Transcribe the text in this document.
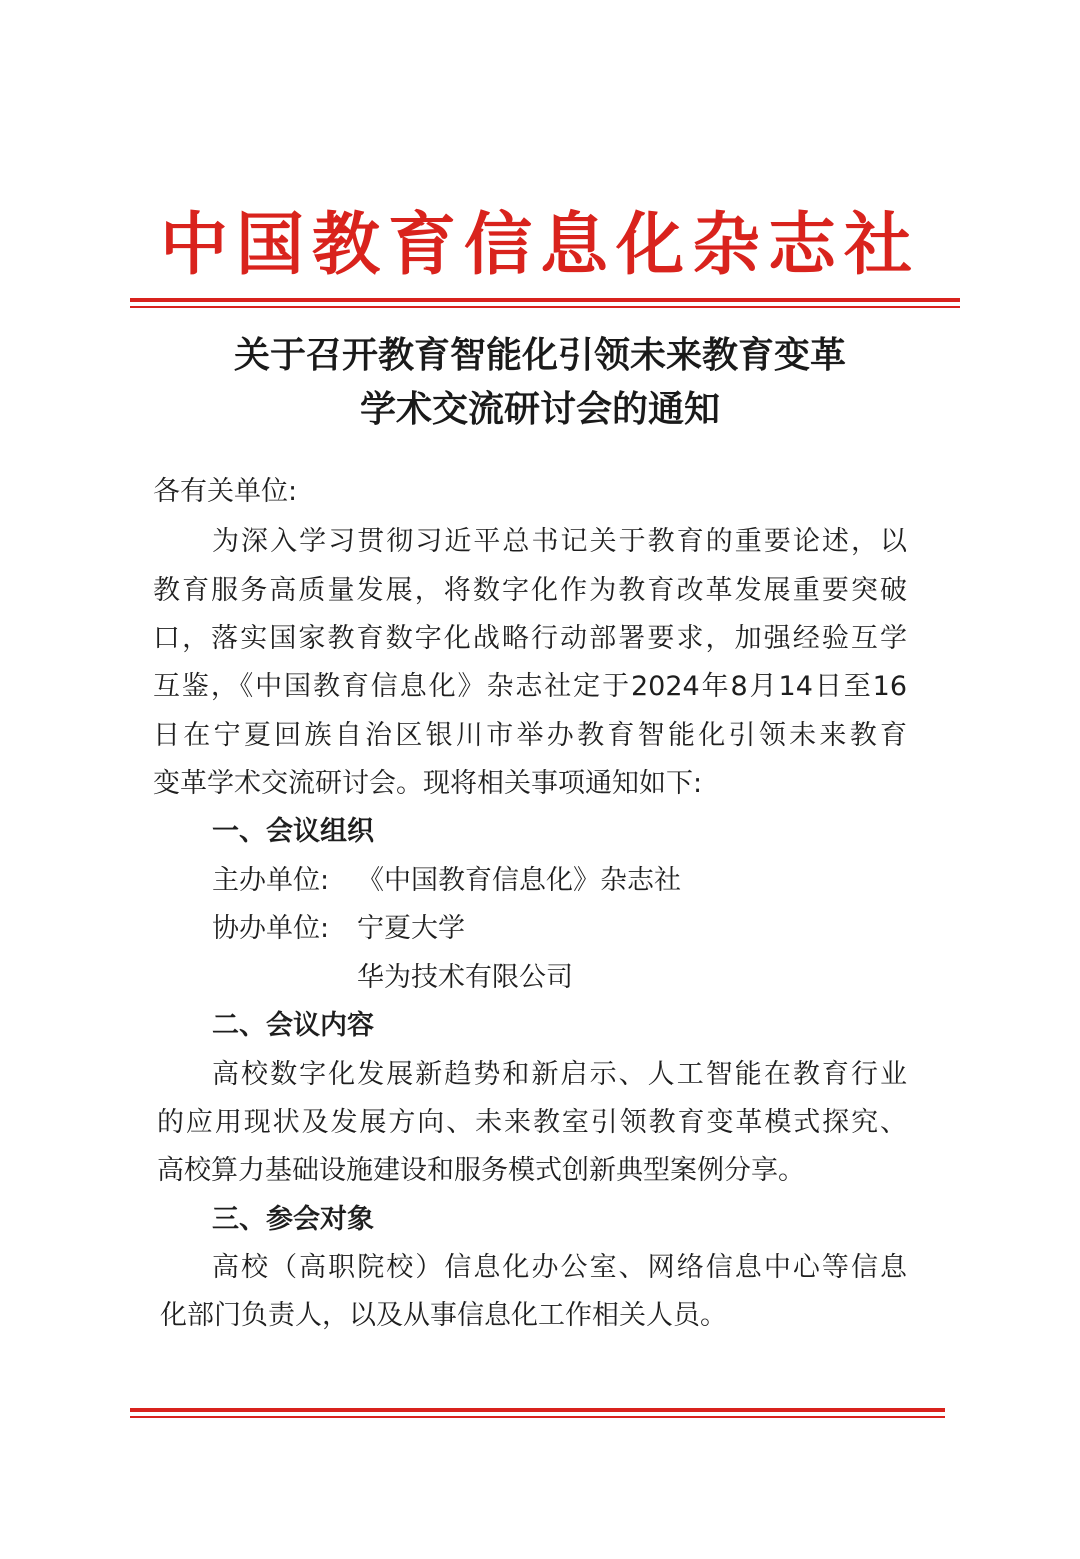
中国教育信息化杂志社
关于召开教育智能化引领未来教育变革
学术交流研讨会的通知
各有关单位:
为深入学习贯彻习近平总书记关于教育的重要论述，以
教育服务高质量发展，将数字化作为教育改革发展重要突破
口，落实国家教育数字化战略行动部署要求，加强经验互学
互鉴，《中国教育信息化》杂志社定于2024年8月14日至16
日在宁夏回族自治区银川市举办教育智能化引领未来教育
变革学术交流研讨会。现将相关事项通知如下:
一、会议组织
主办单位: 《中国教育信息化》杂志社
协办单位: 宁夏大学
华为技术有限公司
二、会议内容
高校数字化发展新趋势和新启示、人工智能在教育行业
的应用现状及发展方向、未来教室引领教育变革模式探究、
高校算力基础设施建设和服务模式创新典型案例分享。
三、参会对象
高校（高职院校）信息化办公室、网络信息中心等信息
化部门负责人，以及从事信息化工作相关人员。
